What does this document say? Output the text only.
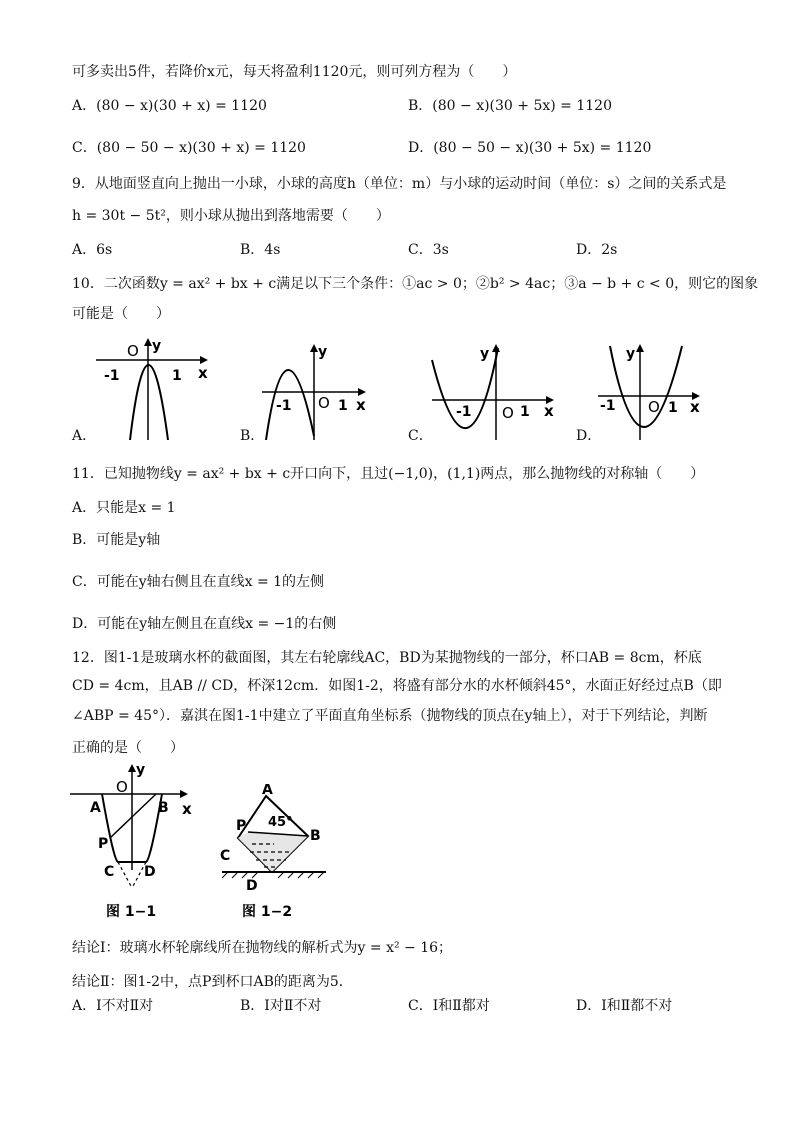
可多卖出5件，若降价x元，每天将盈利1120元，则可列方程为（　　）
A．(80 − x)(30 + x) = 1120	B．(80 − x)(30 + 5x) = 1120
C．(80 − 50 − x)(30 + x) = 1120	D．(80 − 50 − x)(30 + 5x) = 1120
9．从地面竖直向上抛出一小球，小球的高度h（单位：m）与小球的运动时间（单位：s）之间的关系式是
h = 30t − 5t²，则小球从抛出到落地需要（　　）
A．6s	B．4s	C．3s	D．2s
10．二次函数y = ax² + bx + c满足以下三个条件：①ac > 0；②b² > 4ac；③a − b + c < 0，则它的图象
可能是（　　）
O y
-1	1 x
A．
y
-1 O 1 x
B．
y
-1 O 1 x
C．
y
-1 O 1 x
D．
11．已知抛物线y = ax² + bx + c开口向下，且过(−1,0)，(1,1)两点，那么抛物线的对称轴（　　）
A．只能是x = 1
B．可能是y轴
C．可能在y轴右侧且在直线x = 1的左侧
D．可能在y轴左侧且在直线x = −1的右侧
12．图1-1是玻璃水杯的截面图，其左右轮廓线AC，BD为某抛物线的一部分，杯口AB = 8cm，杯底
CD = 4cm，且AB // CD，杯深12cm．如图1-2，将盛有部分水的水杯倾斜45°，水面正好经过点B（即
∠ABP = 45°）．嘉淇在图1-1中建立了平面直角坐标系（抛物线的顶点在y轴上），对于下列结论，判断
正确的是（　　）
O
y
A	B x
P
C D
图 1−1
A
45°
P
B
C
D
图 1−2
结论Ⅰ：玻璃水杯轮廓线所在抛物线的解析式为y = x² − 16；
结论Ⅱ：图1-2中，点P到杯口AB的距离为5．
A．Ⅰ不对Ⅱ对	B．Ⅰ对Ⅱ不对	C．Ⅰ和Ⅱ都对	D．Ⅰ和Ⅱ都不对
